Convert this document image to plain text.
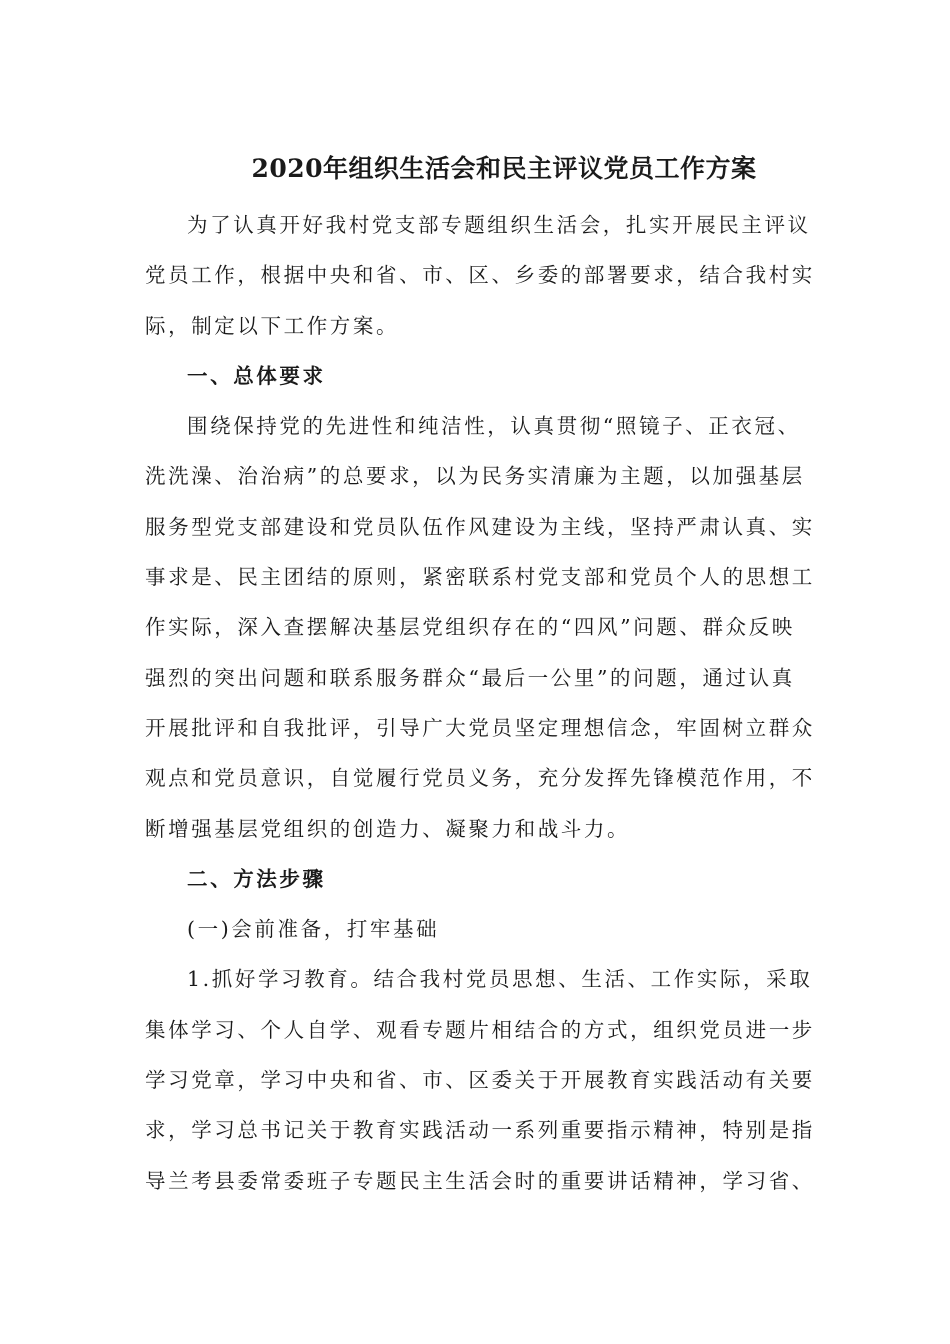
2020年组织生活会和民主评议党员工作方案
为了认真开好我村党支部专题组织生活会，扎实开展民主评议
党员工作，根据中央和省、市、区、乡委的部署要求，结合我村实
际，制定以下工作方案。
一、总体要求
围绕保持党的先进性和纯洁性，认真贯彻“照镜子、正衣冠、
洗洗澡、治治病”的总要求，以为民务实清廉为主题，以加强基层
服务型党支部建设和党员队伍作风建设为主线，坚持严肃认真、实
事求是、民主团结的原则，紧密联系村党支部和党员个人的思想工
作实际，深入查摆解决基层党组织存在的“四风”问题、群众反映
强烈的突出问题和联系服务群众“最后一公里”的问题，通过认真
开展批评和自我批评，引导广大党员坚定理想信念，牢固树立群众
观点和党员意识，自觉履行党员义务，充分发挥先锋模范作用，不
断增强基层党组织的创造力、凝聚力和战斗力。
二、方法步骤
(一)会前准备，打牢基础
1.抓好学习教育。结合我村党员思想、生活、工作实际，采取
集体学习、个人自学、观看专题片相结合的方式，组织党员进一步
学习党章，学习中央和省、市、区委关于开展教育实践活动有关要
求，学习总书记关于教育实践活动一系列重要指示精神，特别是指
导兰考县委常委班子专题民主生活会时的重要讲话精神，学习省、
